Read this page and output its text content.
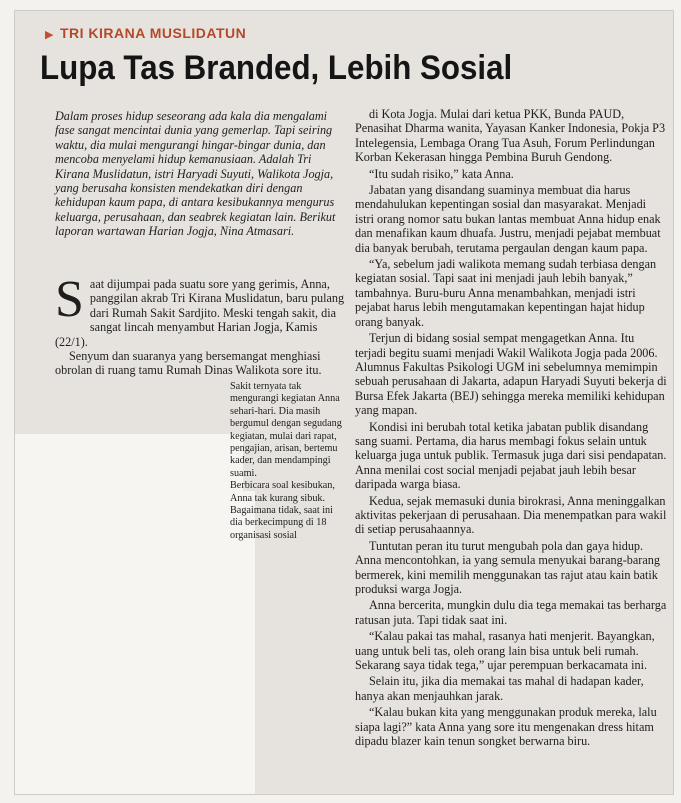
▶ TRI KIRANA MUSLIDATUN
Lupa Tas Branded, Lebih Sosial

Dalam proses hidup seseorang ada kala dia mengalami fase sangat mencintai dunia yang gemerlap. Tapi seiring waktu, dia mulai mengurangi hingar-bingar dunia, dan mencoba menyelami hidup kemanusiaan. Adalah Tri Kirana Muslidatun, istri Haryadi Suyuti, Walikota Jogja, yang berusaha konsisten mendekatkan diri dengan kehidupan kaum papa, di antara kesibukannya mengurus keluarga, perusahaan, dan seabrek kegiatan lain. Berikut laporan wartawan Harian Jogja, Nina Atmasari.

S aat dijumpai pada suatu sore yang gerimis, Anna, panggilan akrab Tri Kirana Muslidatun, baru pulang dari Rumah Sakit Sardjito. Meski tengah sakit, dia sangat lincah menyambut Harian Jogja, Kamis (22/1).

Senyum dan suaranya yang bersemangat menghiasi obrolan di ruang tamu Rumah Dinas Walikota sore itu.

Sakit ternyata tak mengurangi kegiatan Anna sehari-hari. Dia masih bergumul dengan segudang kegiatan, mulai dari rapat, pengajian, arisan, bertemu kader, dan mendampingi suami.

Berbicara soal kesibukan, Anna tak kurang sibuk. Bagaimana tidak, saat ini dia berkecimpung di 18 organisasi sosial

di Kota Jogja. Mulai dari ketua PKK, Bunda PAUD, Penasihat Dharma wanita, Yayasan Kanker Indonesia, Pokja P3 Intelegensia, Lembaga Orang Tua Asuh, Forum Perlindungan Korban Kekerasan hingga Pembina Buruh Gendong.

“Itu sudah risiko,” kata Anna.

Jabatan yang disandang suaminya membuat dia harus mendahulukan kepentingan sosial dan masyarakat. Menjadi istri orang nomor satu bukan lantas membuat Anna hidup enak dan menafikan kaum dhuafa. Justru, menjadi pejabat membuat dia banyak berubah, terutama pergaulan dengan kaum papa.

“Ya, sebelum jadi walikota memang sudah terbiasa dengan kegiatan sosial. Tapi saat ini menjadi jauh lebih banyak,” tambahnya. Buru-buru Anna menambahkan, menjadi istri pejabat harus lebih mengutamakan kepentingan hajat hidup orang banyak.

Terjun di bidang sosial sempat mengagetkan Anna. Itu terjadi begitu suami menjadi Wakil Walikota Jogja pada 2006. Alumnus Fakultas Psikologi UGM ini sebelumnya memimpin sebuah perusahaan di Jakarta, adapun Haryadi Suyuti bekerja di Bursa Efek Jakarta (BEJ) sehingga mereka memiliki kehidupan yang mapan.

Kondisi ini berubah total ketika jabatan publik disandang sang suami. Pertama, dia harus membagi fokus selain untuk keluarga juga untuk publik. Termasuk juga dari sisi pendapatan. Anna menilai cost social menjadi pejabat jauh lebih besar daripada warga biasa.

Kedua, sejak memasuki dunia birokrasi, Anna meninggalkan aktivitas pekerjaan di perusahaan. Dia menempatkan para wakil di setiap perusahaannya.

Tuntutan peran itu turut mengubah pola dan gaya hidup. Anna mencontohkan, ia yang semula menyukai barang-barang bermerek, kini memilih menggunakan tas rajut atau kain batik produksi warga Jogja.

Anna bercerita, mungkin dulu dia tega memakai tas berharga ratusan juta. Tapi tidak saat ini.

“Kalau pakai tas mahal, rasanya hati menjerit. Bayangkan, uang untuk beli tas, oleh orang lain bisa untuk beli rumah. Sekarang saya tidak tega,” ujar perempuan berkacamata ini.

Selain itu, jika dia memakai tas mahal di hadapan kader, hanya akan menjauhkan jarak.

“Kalau bukan kita yang menggunakan produk mereka, lalu siapa lagi?” kata Anna yang sore itu mengenakan dress hitam dipadu blazer kain tenun songket berwarna biru.
